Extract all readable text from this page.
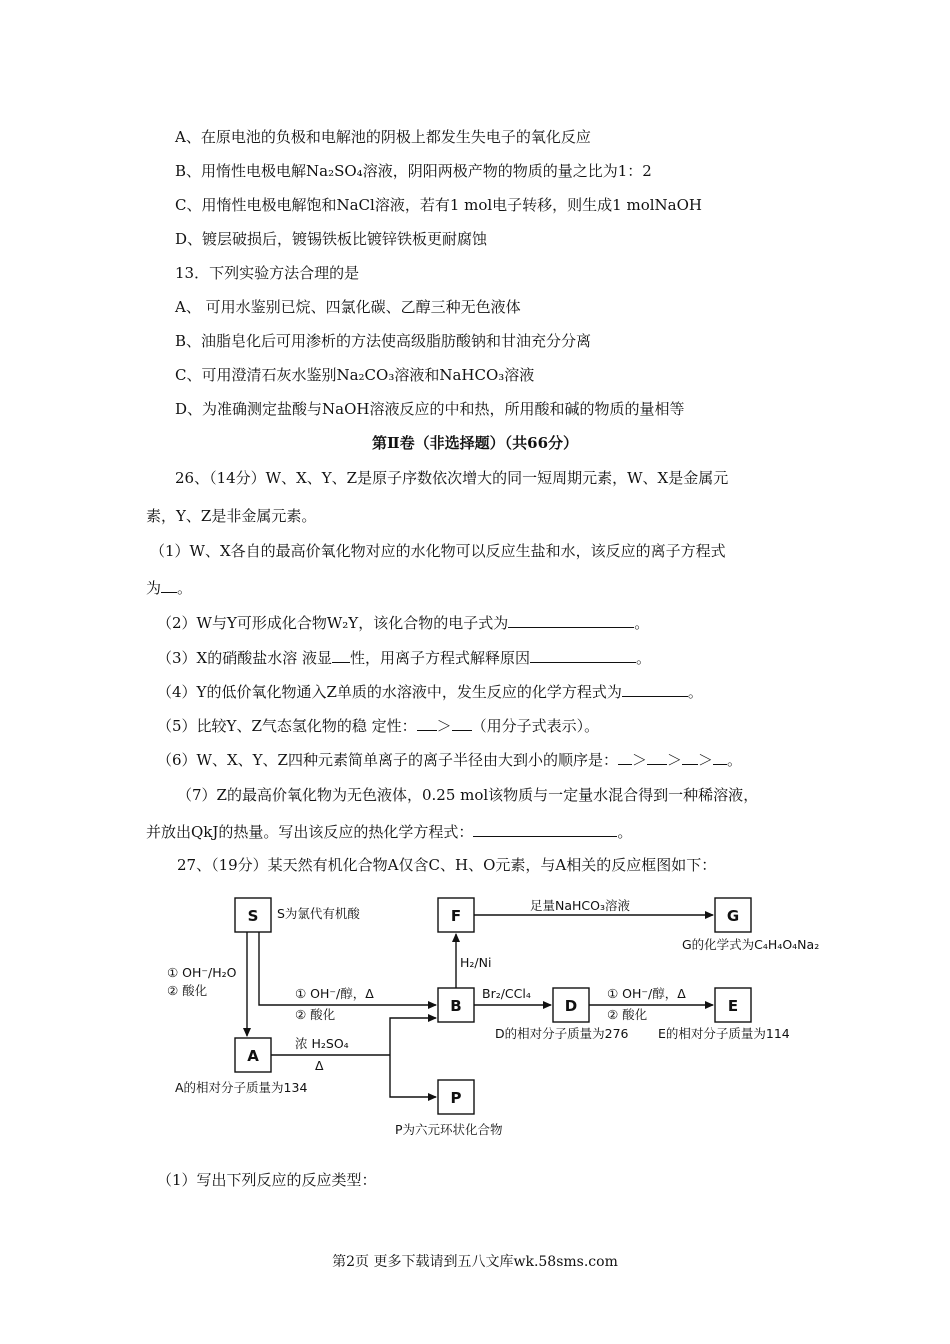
A、在原电池的负极和电解池的阴极上都发生失电子的氧化反应
B、用惰性电极电解Na₂SO₄溶液，阴阳两极产物的物质的量之比为1：2
C、用惰性电极电解饱和NaCl溶液，若有1 mol电子转移，则生成1 molNaOH
D、镀层破损后，镀锡铁板比镀锌铁板更耐腐蚀
13．下列实验方法合理的是
A、 可用水鉴别已烷、四氯化碳、乙醇三种无色液体
B、油脂皂化后可用渗析的方法使高级脂肪酸钠和甘油充分分离
C、可用澄清石灰水鉴别Na₂CO₃溶液和NaHCO₃溶液
D、为准确测定盐酸与NaOH溶液反应的中和热，所用酸和碱的物质的量相等
第Ⅱ卷（非选择题）（共66分）
26、（14分）W、X、Y、Z是原子序数依次增大的同一短周期元素，W、X是金属元
素，Y、Z是非金属元素。
（1）W、X各自的最高价氧化物对应的水化物可以反应生盐和水，该反应的离子方程式
为 。
（2）W与Y可形成化合物W₂Y，该化合物的电子式为	。
（3）X的硝酸盐水溶 液显 性，用离子方程式解释原因	。
（4）Y的低价氧化物通入Z单质的水溶液中，发生反应的化学方程式为	。
（5）比较Y、Z气态氢化物的稳 定性： ＞ （用分子式表示）。
（6）W、X、Y、Z四种元素简单离子的离子半径由大到小的顺序是： ＞ ＞ ＞ 。
（7）Z的最高价氧化物为无色液体，0.25 mol该物质与一定量水混合得到一种稀溶液，
并放出QkJ的热量。写出该反应的热化学方程式：	。
27、（19分）某天然有机化合物A仅含C、H、O元素，与A相关的反应框图如下：
S	F	G
B	D	E
A
P
S为氯代有机酸
足量NaHCO₃溶液
G的化学式为C₄H₄O₄Na₂
H₂/Ni
① OH⁻/H₂O
② 酸化	① OH⁻/醇，Δ
② 酸化
Br₂/CCl₄	① OH⁻/醇，Δ
② 酸化
D的相对分子质量为276 E的相对分子质量为114
浓 H₂SO₄
Δ
A的相对分子质量为134
P为六元环状化合物
（1）写出下列反应的反应类型：
第2页 更多下载请到五八文库wk.58sms.com
